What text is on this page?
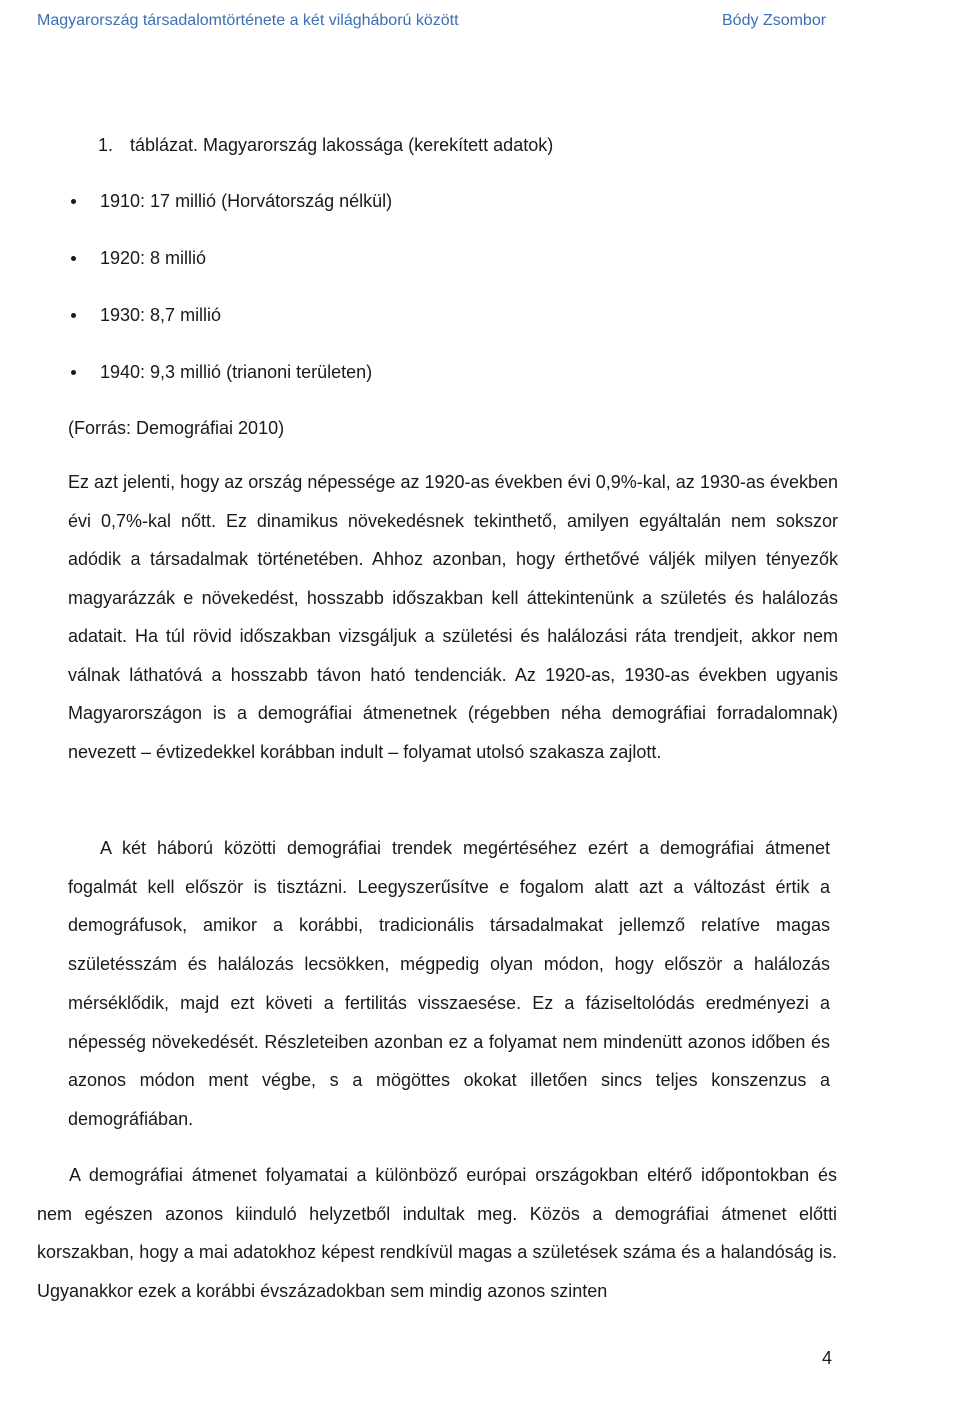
Magyarország társadalomtörténete a két világháború között	Bódy Zsombor
1. táblázat. Magyarország lakossága (kerekített adatok)
1910: 17 millió (Horvátország nélkül)
1920: 8 millió
1930: 8,7 millió
1940: 9,3 millió (trianoni területen)
(Forrás: Demográfiai 2010)

Ez azt jelenti, hogy az ország népessége az 1920-as években évi 0,9%-kal, az 1930-as években évi 0,7%-kal nőtt. Ez dinamikus növekedésnek tekinthető, amilyen egyáltalán nem sokszor adódik a társadalmak történetében. Ahhoz azonban, hogy érthetővé váljék milyen tényezők magyarázzák e növekedést, hosszabb időszakban kell áttekintenünk a születés és halálozás adatait. Ha túl rövid időszakban vizsgáljuk a születési és halálozási ráta trendjeit, akkor nem válnak láthatóvá a hosszabb távon ható tendenciák. Az 1920-as, 1930-as években ugyanis Magyarországon is a demográfiai átmenetnek (régebben néha demográfiai forradalomnak) nevezett – évtizedekkel korábban indult – folyamat utolsó szakasza zajlott.

A két háború közötti demográfiai trendek megértéséhez ezért a demográfiai átmenet fogalmát kell először is tisztázni. Leegyszerűsítve e fogalom alatt azt a változást értik a demográfusok, amikor a korábbi, tradicionális társadalmakat jellemző relatíve magas születésszám és halálozás lecsökken, mégpedig olyan módon, hogy először a halálozás mérséklődik, majd ezt követi a fertilitás visszaesése. Ez a fáziseltolódás eredményezi a népesség növekedését. Részleteiben azonban ez a folyamat nem mindenütt azonos időben és azonos módon ment végbe, s a mögöttes okokat illetően sincs teljes konszenzus a demográfiában.

A demográfiai átmenet folyamatai a különböző európai országokban eltérő időpontokban és nem egészen azonos kiinduló helyzetből indultak meg. Közös a demográfiai átmenet előtti korszakban, hogy a mai adatokhoz képest rendkívül magas a születések száma és a halandóság is. Ugyanakkor ezek a korábbi évszázadokban sem mindig azonos szinten

4
